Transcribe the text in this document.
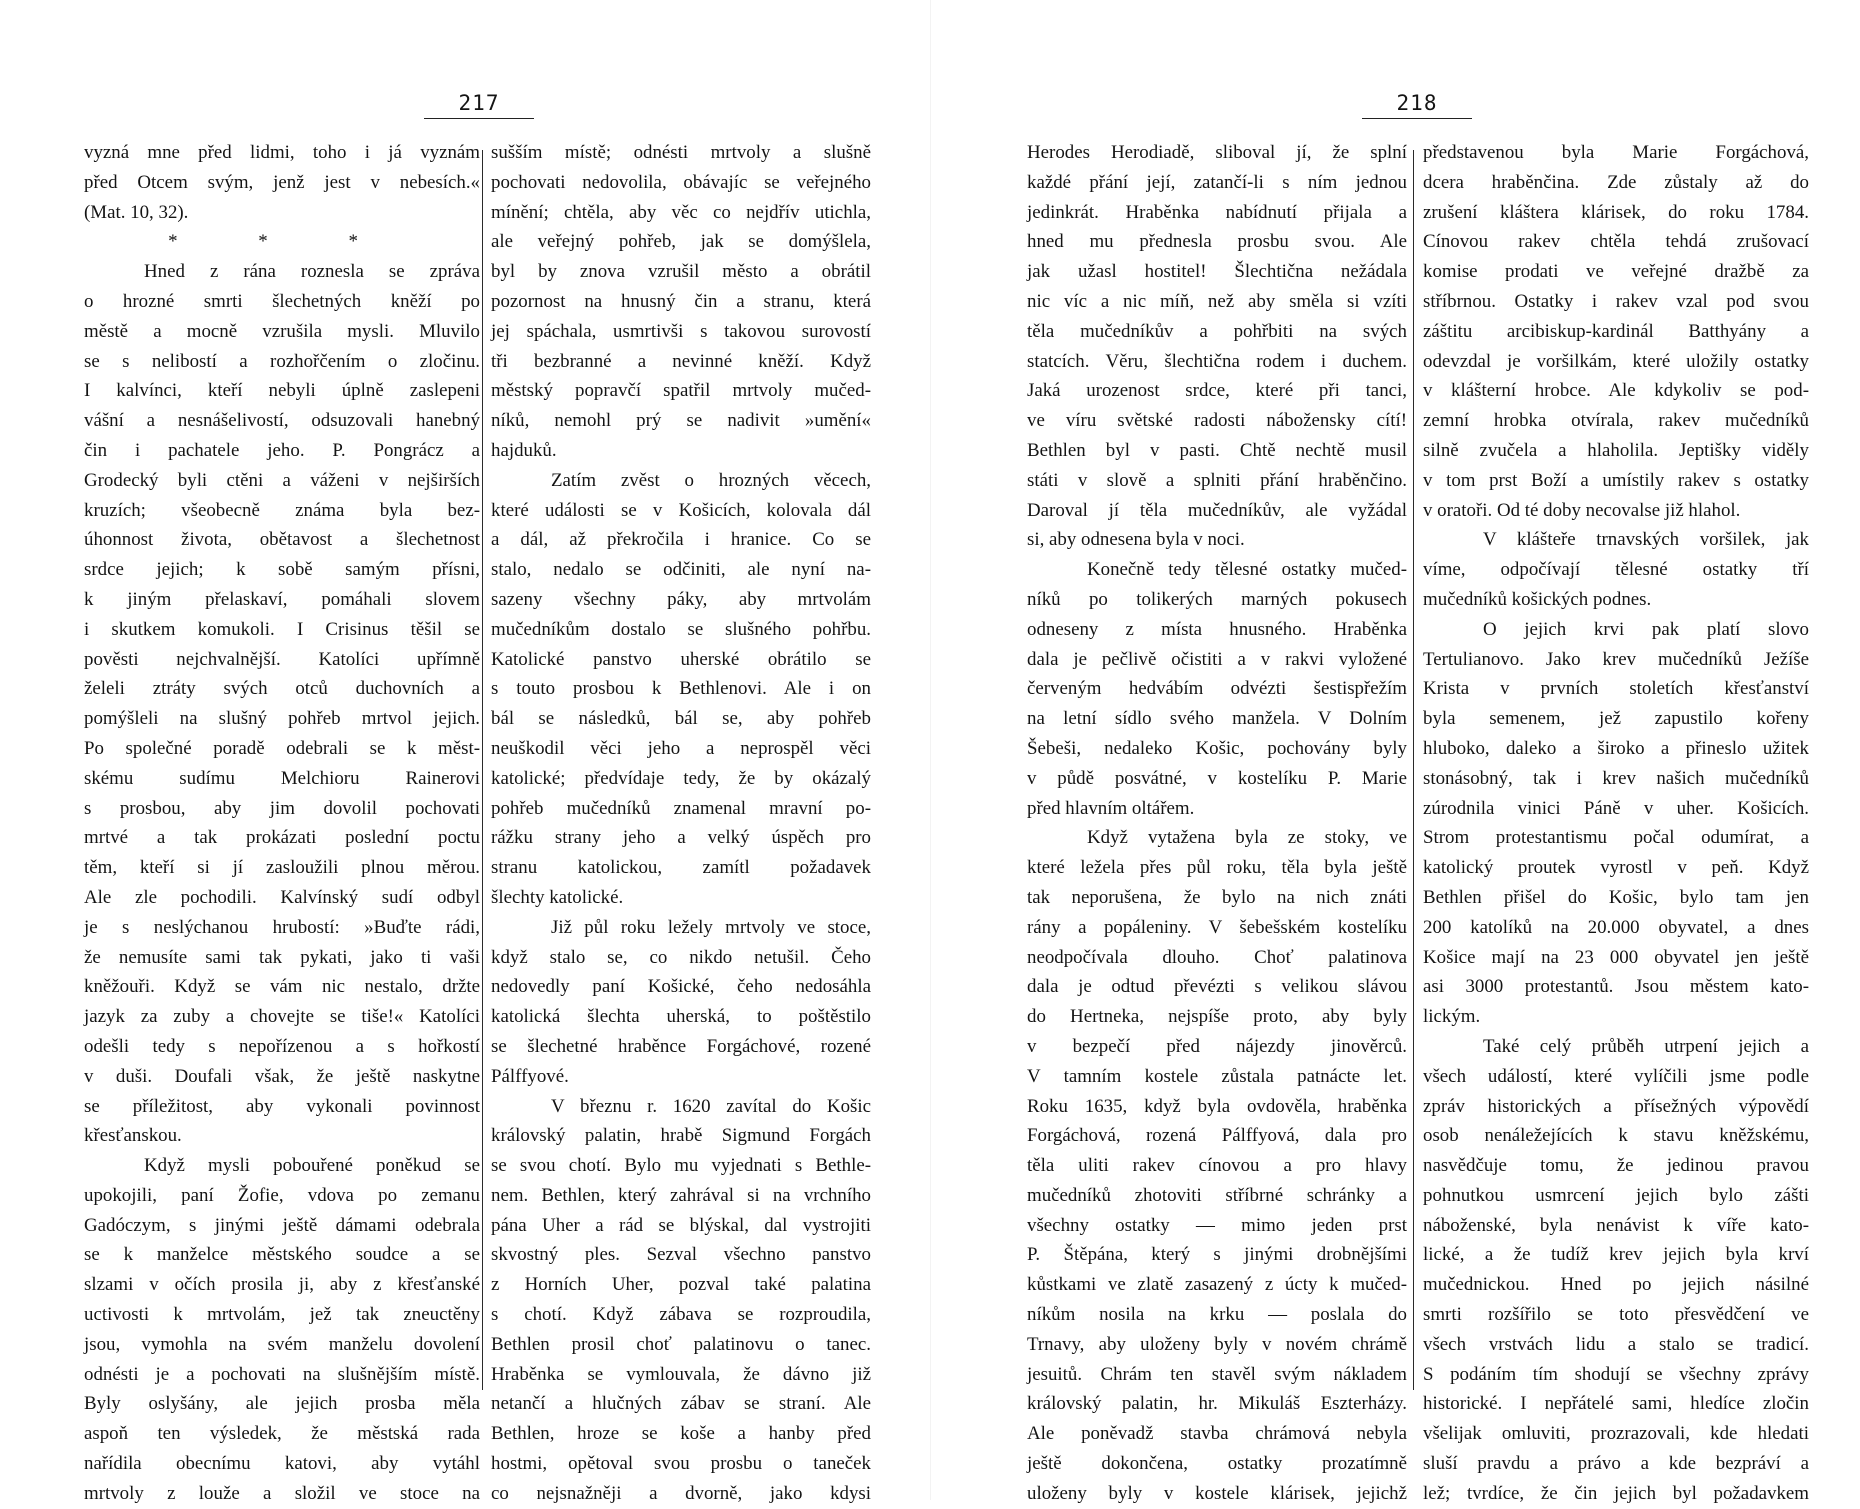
217

vyzná mne před lidmi, toho i já vyznám

před Otcem svým, jenž jest v nebesích.«

(Mat. 10, 32).

* * *

Hned z rána roznesla se zpráva

o hrozné smrti šlechetných kněží po

městě a mocně vzrušila mysli. Mluvilo

se s nelibostí a rozhořčením o zločinu.

I kalvínci, kteří nebyli úplně zaslepeni

vášní a nesnášelivostí, odsuzovali hanebný

čin i pachatele jeho. P. Pongrácz a

Grodecký byli ctěni a váženi v nejširších

kruzích; všeobecně známa byla bez-

úhonnost života, obětavost a šlechetnost

srdce jejich; k sobě samým přísni,

k jiným přelaskaví, pomáhali slovem

i skutkem komukoli. I Crisinus těšil se

pověsti nejchvalnější. Katolíci upřímně

želeli ztráty svých otců duchovních a

pomýšleli na slušný pohřeb mrtvol jejich.

Po společné poradě odebrali se k měst-

skému sudímu Melchioru Rainerovi

s prosbou, aby jim dovolil pochovati

mrtvé a tak prokázati poslední poctu

těm, kteří si jí zasloužili plnou měrou.

Ale zle pochodili. Kalvínský sudí odbyl

je s neslýchanou hrubostí: »Buďte rádi,

že nemusíte sami tak pykati, jako ti vaši

kněžouři. Když se vám nic nestalo, držte

jazyk za zuby a chovejte se tiše!« Katolíci

odešli tedy s nepořízenou a s hořkostí

v duši. Doufali však, že ještě naskytne

se příležitost, aby vykonali povinnost

křesťanskou.

Když mysli pobouřené poněkud se

upokojili, paní Žofie, vdova po zemanu

Gadóczym, s jinými ještě dámami odebrala

se k manželce městského soudce a se

slzami v očích prosila ji, aby z křesťanské

uctivosti k mrtvolám, jež tak zneuctěny

jsou, vymohla na svém manželu dovolení

odnésti je a pochovati na slušnějším místě.

Byly oslyšány, ale jejich prosba měla

aspoň ten výsledek, že městská rada

nařídila obecnímu katovi, aby vytáhl

mrtvoly z louže a složil ve stoce na

sušším místě; odnésti mrtvoly a slušně

pochovati nedovolila, obávajíc se veřejného

mínění; chtěla, aby věc co nejdřív utichla,

ale veřejný pohřeb, jak se domýšlela,

byl by znova vzrušil město a obrátil

pozornost na hnusný čin a stranu, která

jej spáchala, usmrtivši s takovou surovostí

tři bezbranné a nevinné kněží. Když

městský popravčí spatřil mrtvoly mučed-

níků, nemohl prý se nadivit »umění«

hajduků.

Zatím zvěst o hrozných věcech,

které události se v Košicích, kolovala dál

a dál, až překročila i hranice. Co se

stalo, nedalo se odčiniti, ale nyní na-

sazeny všechny páky, aby mrtvolám

mučedníkům dostalo se slušného pohřbu.

Katolické panstvo uherské obrátilo se

s touto prosbou k Bethlenovi. Ale i on

bál se následků, bál se, aby pohřeb

neuškodil věci jeho a neprospěl věci

katolické; předvídaje tedy, že by okázalý

pohřeb mučedníků znamenal mravní po-

rážku strany jeho a velký úspěch pro

stranu katolickou, zamítl požadavek

šlechty katolické.

Již půl roku ležely mrtvoly ve stoce,

když stalo se, co nikdo netušil. Čeho

nedovedly paní Košické, čeho nedosáhla

katolická šlechta uherská, to poštěstilo

se šlechetné hraběnce Forgáchové, rozené

Pálffyové.

V březnu r. 1620 zavítal do Košic

královský palatin, hrabě Sigmund Forgách

se svou chotí. Bylo mu vyjednati s Bethle-

nem. Bethlen, který zahrával si na vrchního

pána Uher a rád se blýskal, dal vystrojiti

skvostný ples. Sezval všechno panstvo

z Horních Uher, pozval také palatina

s chotí. Když zábava se rozproudila,

Bethlen prosil choť palatinovu o tanec.

Hraběnka se vymlouvala, že dávno již

netančí a hlučných zábav se straní. Ale

Bethlen, hroze se koše a hanby před

hostmi, opětoval svou prosbu o taneček

co nejsnažněji a dvorně, jako kdysi

218

Herodes Herodiadě, sliboval jí, že splní

každé přání její, zatančí-li s ním jednou

jedinkrát. Hraběnka nabídnutí přijala a

hned mu přednesla prosbu svou. Ale

jak užasl hostitel! Šlechtična nežádala

nic víc a nic míň, než aby směla si vzíti

těla mučedníkův a pohřbiti na svých

statcích. Věru, šlechtična rodem i duchem.

Jaká urozenost srdce, které při tanci,

ve víru světské radosti nábožensky cítí!

Bethlen byl v pasti. Chtě nechtě musil

státi v slově a splniti přání hraběnčino.

Daroval jí těla mučedníkův, ale vyžádal

si, aby odnesena byla v noci.

Konečně tedy tělesné ostatky mučed-

níků po tolikerých marných pokusech

odneseny z místa hnusného. Hraběnka

dala je pečlivě očistiti a v rakvi vyložené

červeným hedvábím odvézti šestispřežím

na letní sídlo svého manžela. V Dolním

Šebeši, nedaleko Košic, pochovány byly

v půdě posvátné, v kostelíku P. Marie

před hlavním oltářem.

Když vytažena byla ze stoky, ve

které ležela přes půl roku, těla byla ještě

tak neporušena, že bylo na nich znáti

rány a popáleniny. V šebešském kostelíku

neodpočívala dlouho. Choť palatinova

dala je odtud převézti s velikou slávou

do Hertneka, nejspíše proto, aby byly

v bezpečí před nájezdy jinověrců.

V tamním kostele zůstala patnácte let.

Roku 1635, když byla ovdověla, hraběnka

Forgáchová, rozená Pálffyová, dala pro

těla uliti rakev cínovou a pro hlavy

mučedníků zhotoviti stříbrné schránky a

všechny ostatky — mimo jeden prst

P. Štěpána, který s jinými drobnějšími

kůstkami ve zlatě zasazený z úcty k mučed-

níkům nosila na krku — poslala do

Trnavy, aby uloženy byly v novém chrámě

jesuitů. Chrám ten stavěl svým nákladem

královský palatin, hr. Mikuláš Eszterházy.

Ale poněvadž stavba chrámová nebyla

ještě dokončena, ostatky prozatímně

uloženy byly v kostele klárisek, jejichž

představenou byla Marie Forgáchová,

dcera hraběnčina. Zde zůstaly až do

zrušení kláštera klárisek, do roku 1784.

Cínovou rakev chtěla tehdá zrušovací

komise prodati ve veřejné dražbě za

stříbrnou. Ostatky i rakev vzal pod svou

záštitu arcibiskup-kardinál Batthyány a

odevzdal je voršilkám, které uložily ostatky

v klášterní hrobce. Ale kdykoliv se pod-

zemní hrobka otvírala, rakev mučedníků

silně zvučela a hlaholila. Jeptišky viděly

v tom prst Boží a umístily rakev s ostatky

v oratoři. Od té doby necovalse již hlahol.

V klášteře trnavských voršilek, jak

víme, odpočívají tělesné ostatky tří

mučedníků košických podnes.

O jejich krvi pak platí slovo

Tertulianovo. Jako krev mučedníků Ježíše

Krista v prvních stoletích křesťanství

byla semenem, jež zapustilo kořeny

hluboko, daleko a široko a přineslo užitek

stonásobný, tak i krev našich mučedníků

zúrodnila vinici Páně v uher. Košicích.

Strom protestantismu počal odumírat, a

katolický proutek vyrostl v peň. Když

Bethlen přišel do Košic, bylo tam jen

200 katolíků na 20.000 obyvatel, a dnes

Košice mají na 23 000 obyvatel jen ještě

asi 3000 protestantů. Jsou městem kato-

lickým.

Také celý průběh utrpení jejich a

všech událostí, které vylíčili jsme podle

zpráv historických a přísežných výpovědí

osob nenáležejících k stavu kněžskému,

nasvědčuje tomu, že jedinou pravou

pohnutkou usmrcení jejich bylo zášti

náboženské, byla nenávist k víře kato-

lické, a že tudíž krev jejich byla krví

mučednickou. Hned po jejich násilné

smrti rozšířilo se toto přesvědčení ve

všech vrstvách lidu a stalo se tradicí.

S podáním tím shodují se všechny zprávy

historické. I nepřátelé sami, hledíce zločin

všelijak omluviti, prozrazovali, kde hledati

sluší pravdu a právo a kde bezpráví a

lež; tvrdíce, že čin jejich byl požadavkem
